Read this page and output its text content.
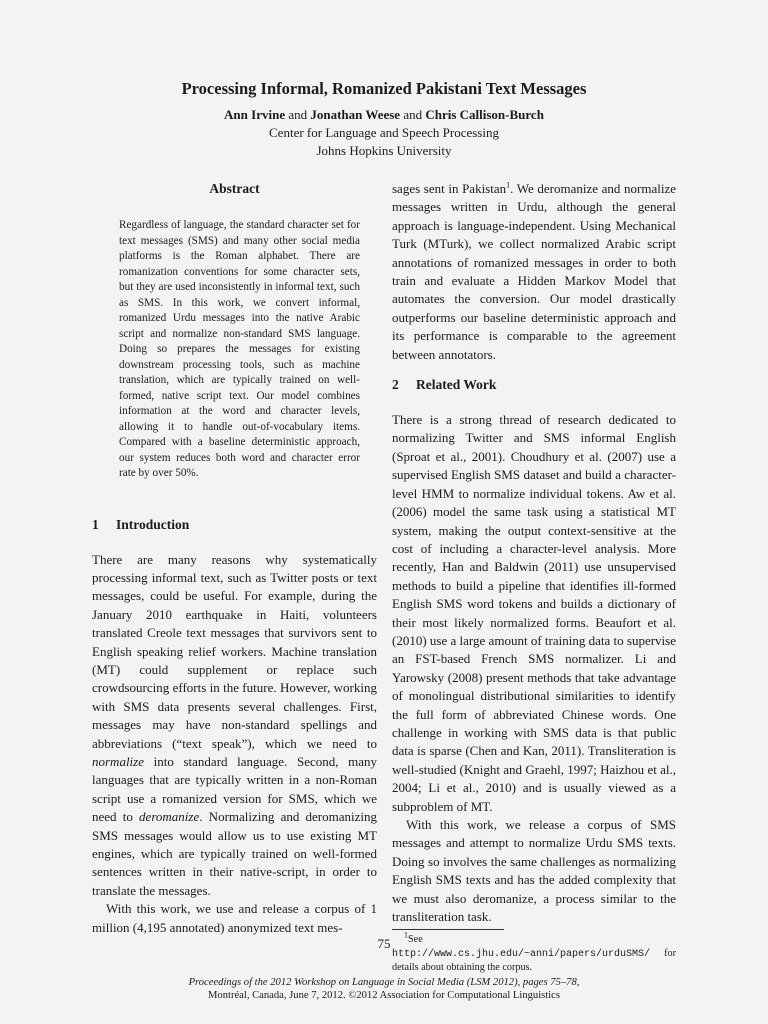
Processing Informal, Romanized Pakistani Text Messages
Ann Irvine and Jonathan Weese and Chris Callison-Burch
Center for Language and Speech Processing
Johns Hopkins University
Abstract

Regardless of language, the standard character set for text messages (SMS) and many other social media platforms is the Roman alphabet. There are romanization conventions for some character sets, but they are used inconsistently in informal text, such as SMS. In this work, we convert informal, romanized Urdu messages into the native Arabic script and normalize non-standard SMS language. Doing so prepares the messages for existing downstream processing tools, such as machine translation, which are typically trained on well-formed, native script text. Our model combines information at the word and character levels, allowing it to handle out-of-vocabulary items. Compared with a baseline deterministic approach, our system reduces both word and character error rate by over 50%.

1 Introduction

There are many reasons why systematically processing informal text, such as Twitter posts or text messages, could be useful. For example, during the January 2010 earthquake in Haiti, volunteers translated Creole text messages that survivors sent to English speaking relief workers. Machine translation (MT) could supplement or replace such crowdsourcing efforts in the future. However, working with SMS data presents several challenges. First, messages may have non-standard spellings and abbreviations (“text speak”), which we need to normalize into standard language. Second, many languages that are typically written in a non-Roman script use a romanized version for SMS, which we need to deromanize. Normalizing and deromanizing SMS messages would allow us to use existing MT engines, which are typically trained on well-formed sentences written in their native-script, in order to translate the messages.

With this work, we use and release a corpus of 1 million (4,195 annotated) anonymized text mes-

sages sent in Pakistan$^1$. We deromanize and normalize messages written in Urdu, although the general approach is language-independent. Using Mechanical Turk (MTurk), we collect normalized Arabic script annotations of romanized messages in order to both train and evaluate a Hidden Markov Model that automates the conversion. Our model drastically outperforms our baseline deterministic approach and its performance is comparable to the agreement between annotators.

2 Related Work

There is a strong thread of research dedicated to normalizing Twitter and SMS informal English (Sproat et al., 2001). Choudhury et al. (2007) use a supervised English SMS dataset and build a character-level HMM to normalize individual tokens. Aw et al. (2006) model the same task using a statistical MT system, making the output context-sensitive at the cost of including a character-level analysis. More recently, Han and Baldwin (2011) use unsupervised methods to build a pipeline that identifies ill-formed English SMS word tokens and builds a dictionary of their most likely normalized forms. Beaufort et al. (2010) use a large amount of training data to supervise an FST-based French SMS normalizer. Li and Yarowsky (2008) present methods that take advantage of monolingual distributional similarities to identify the full form of abbreviated Chinese words. One challenge in working with SMS data is that public data is sparse (Chen and Kan, 2011). Transliteration is well-studied (Knight and Graehl, 1997; Haizhou et al., 2004; Li et al., 2010) and is usually viewed as a subproblem of MT.

With this work, we release a corpus of SMS messages and attempt to normalize Urdu SMS texts. Doing so involves the same challenges as normalizing English SMS texts and has the added complexity that we must also deromanize, a process similar to the transliteration task.

$^1$See http://www.cs.jhu.edu/~anni/papers/urduSMS/ for details about obtaining the corpus.
75
Proceedings of the 2012 Workshop on Language in Social Media (LSM 2012), pages 75–78,
Montréal, Canada, June 7, 2012. ©2012 Association for Computational Linguistics
